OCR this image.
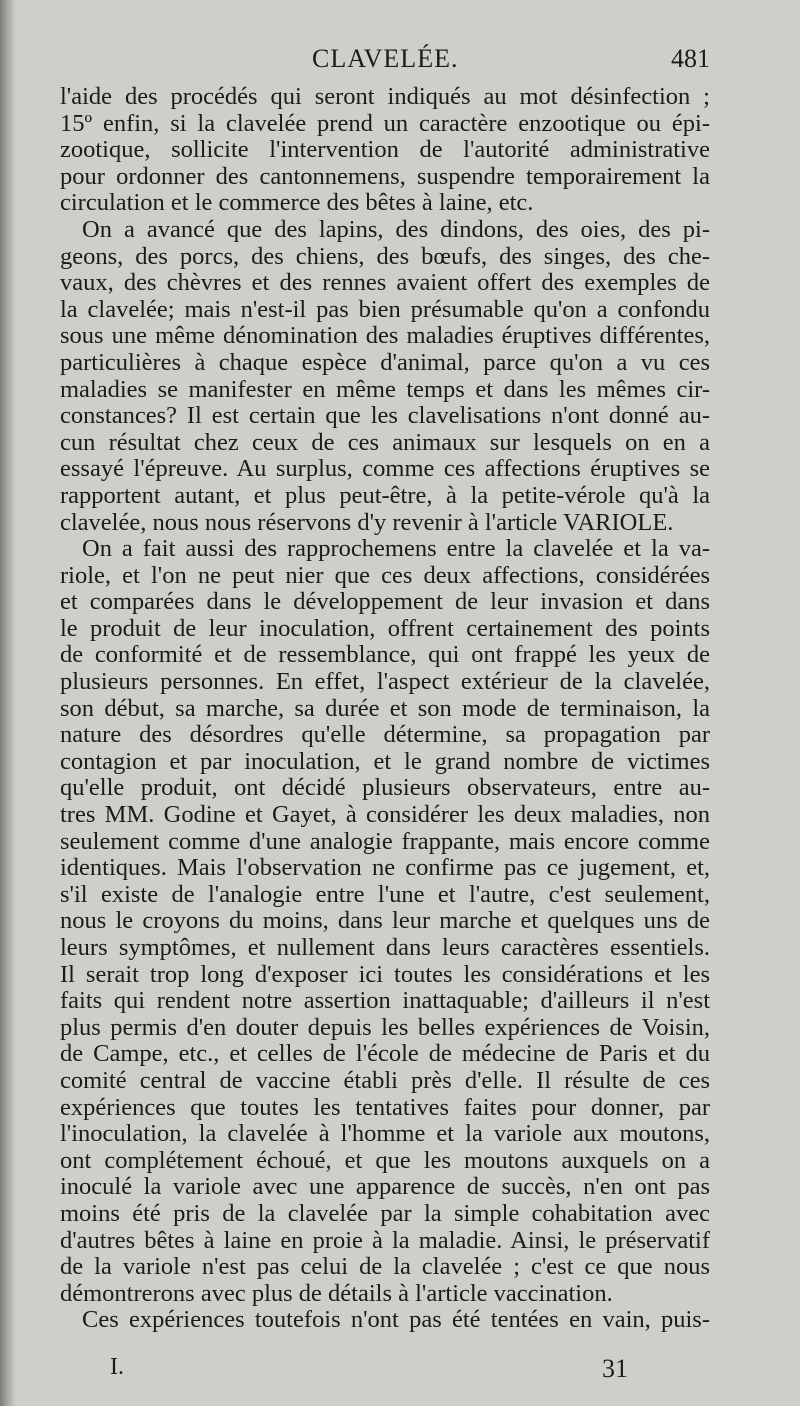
CLAVELÉE.	481
l'aide des procédés qui seront indiqués au mot désinfection ;
15º enfin, si la clavelée prend un caractère enzootique ou épi-
zootique, sollicite l'intervention de l'autorité administrative
pour ordonner des cantonnemens, suspendre temporairement la
circulation et le commerce des bêtes à laine, etc.
On a avancé que des lapins, des dindons, des oies, des pi-
geons, des porcs, des chiens, des bœufs, des singes, des che-
vaux, des chèvres et des rennes avaient offert des exemples de
la clavelée; mais n'est-il pas bien présumable qu'on a confondu
sous une même dénomination des maladies éruptives différentes,
particulières à chaque espèce d'animal, parce qu'on a vu ces
maladies se manifester en même temps et dans les mêmes cir-
constances? Il est certain que les clavelisations n'ont donné au-
cun résultat chez ceux de ces animaux sur lesquels on en a
essayé l'épreuve. Au surplus, comme ces affections éruptives se
rapportent autant, et plus peut-être, à la petite-vérole qu'à la
clavelée, nous nous réservons d'y revenir à l'article VARIOLE.
On a fait aussi des rapprochemens entre la clavelée et la va-
riole, et l'on ne peut nier que ces deux affections, considérées
et comparées dans le développement de leur invasion et dans
le produit de leur inoculation, offrent certainement des points
de conformité et de ressemblance, qui ont frappé les yeux de
plusieurs personnes. En effet, l'aspect extérieur de la clavelée,
son début, sa marche, sa durée et son mode de terminaison, la
nature des désordres qu'elle détermine, sa propagation par
contagion et par inoculation, et le grand nombre de victimes
qu'elle produit, ont décidé plusieurs observateurs, entre au-
tres MM. Godine et Gayet, à considérer les deux maladies, non
seulement comme d'une analogie frappante, mais encore comme
identiques. Mais l'observation ne confirme pas ce jugement, et,
s'il existe de l'analogie entre l'une et l'autre, c'est seulement,
nous le croyons du moins, dans leur marche et quelques uns de
leurs symptômes, et nullement dans leurs caractères essentiels.
Il serait trop long d'exposer ici toutes les considérations et les
faits qui rendent notre assertion inattaquable; d'ailleurs il n'est
plus permis d'en douter depuis les belles expériences de Voisin,
de Campe, etc., et celles de l'école de médecine de Paris et du
comité central de vaccine établi près d'elle. Il résulte de ces
expériences que toutes les tentatives faites pour donner, par
l'inoculation, la clavelée à l'homme et la variole aux moutons,
ont complétement échoué, et que les moutons auxquels on a
inoculé la variole avec une apparence de succès, n'en ont pas
moins été pris de la clavelée par la simple cohabitation avec
d'autres bêtes à laine en proie à la maladie. Ainsi, le préservatif
de la variole n'est pas celui de la clavelée ; c'est ce que nous
démontrerons avec plus de détails à l'article vaccination.
Ces expériences toutefois n'ont pas été tentées en vain, puis-
I.	31
